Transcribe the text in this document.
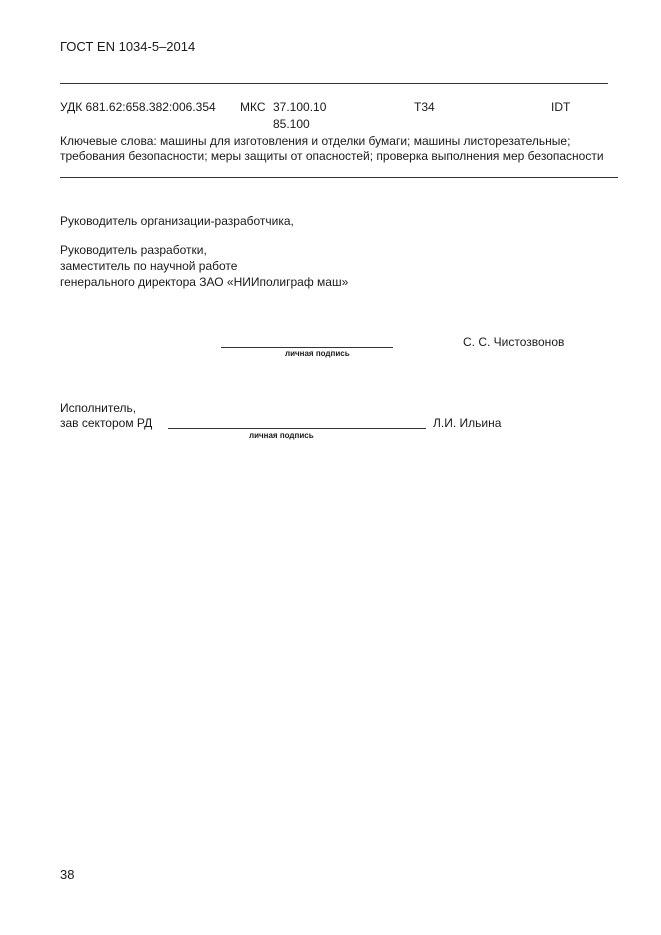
ГОСТ EN 1034-5–2014
УДК 681.62:658.382:006.354 МКС 37.100.10
85.100
Т34	IDT
Ключевые слова: машины для изготовления и отделки бумаги; машины листорезательные;
требования безопасности; меры защиты от опасностей; проверка выполнения мер безопасности
Руководитель организации-разработчика,
Руководитель разработки,
заместитель по научной работе
генерального директора ЗАО «НИИполиграф маш»
личная подпись
С. С. Чистозвонов
Исполнитель,
зав сектором РД
личная подпись
Л.И. Ильина
38
